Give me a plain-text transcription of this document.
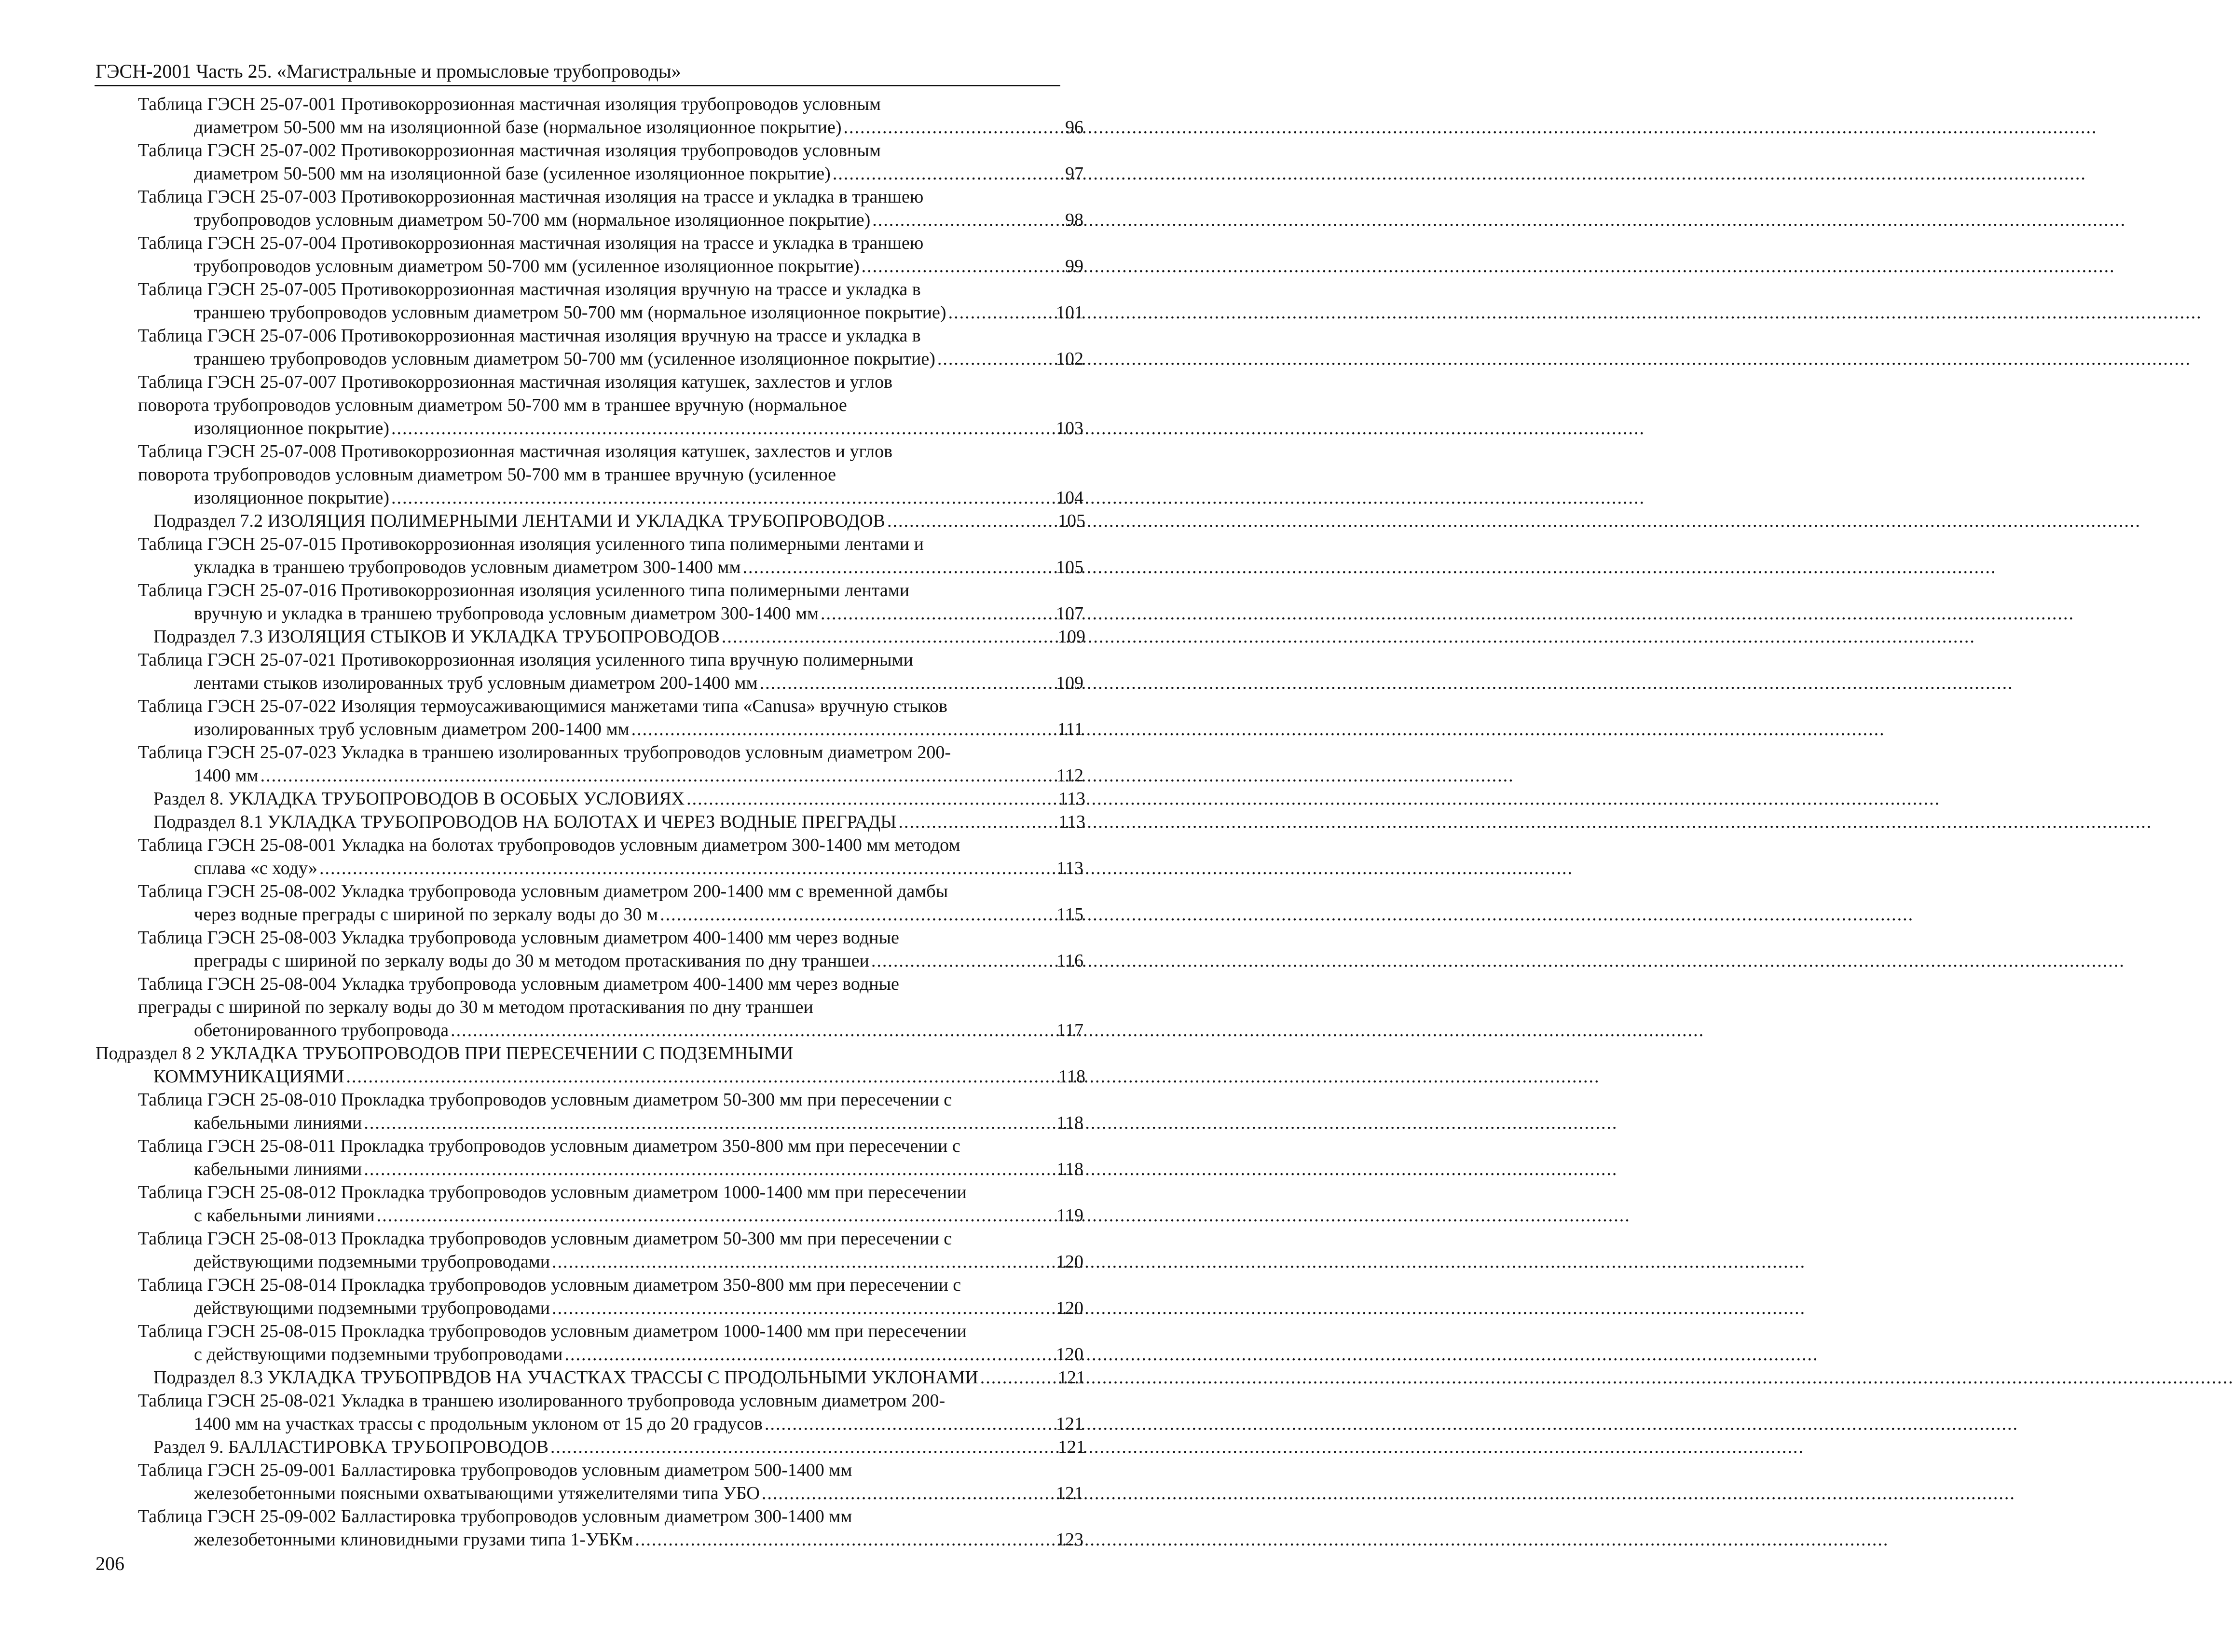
ГЭСН-2001 Часть 25. «Магистральные и промысловые трубопроводы»
Таблица ГЭСН 25-07-001 Противокоррозионная мастичная изоляция трубопроводов условным
диаметром 50-500 мм на изоляционной базе (нормальное изоляционное покрытие) .....	96
Таблица ГЭСН 25-07-002 Противокоррозионная мастичная изоляция трубопроводов условным
диаметром 50-500 мм на изоляционной базе (усиленное изоляционное покрытие) .....	97
Таблица ГЭСН 25-07-003 Противокоррозионная мастичная изоляция на трассе и укладка в траншею
трубопроводов условным диаметром 50-700 мм (нормальное изоляционное покрытие) .....	98
Таблица ГЭСН 25-07-004 Противокоррозионная мастичная изоляция на трассе и укладка в траншею
трубопроводов условным диаметром 50-700 мм (усиленное изоляционное покрытие) .....	99
Таблица ГЭСН 25-07-005 Противокоррозионная мастичная изоляция вручную на трассе и укладка в
траншею трубопроводов условным диаметром 50-700 мм (нормальное изоляционное покрытие) .....	101
Таблица ГЭСН 25-07-006 Противокоррозионная мастичная изоляция вручную на трассе и укладка в
траншею трубопроводов условным диаметром 50-700 мм (усиленное изоляционное покрытие) .....	102
Таблица ГЭСН 25-07-007 Противокоррозионная мастичная изоляция катушек, захлестов и углов
поворота трубопроводов условным диаметром 50-700 мм в траншее вручную (нормальное
изоляционное покрытие) .....	103
Таблица ГЭСН 25-07-008 Противокоррозионная мастичная изоляция катушек, захлестов и углов
поворота трубопроводов условным диаметром 50-700 мм в траншее вручную (усиленное
изоляционное покрытие) .....	104
Подраздел 7.2 ИЗОЛЯЦИЯ ПОЛИМЕРНЫМИ ЛЕНТАМИ И УКЛАДКА ТРУБОПРОВОДОВ .....	105
Таблица ГЭСН 25-07-015 Противокоррозионная изоляция усиленного типа полимерными лентами и
укладка в траншею трубопроводов условным диаметром 300-1400 мм .....	105
Таблица ГЭСН 25-07-016 Противокоррозионная изоляция усиленного типа полимерными лентами
вручную и укладка в траншею трубопровода условным диаметром 300-1400 мм .....	107
Подраздел 7.3 ИЗОЛЯЦИЯ СТЫКОВ И УКЛАДКА ТРУБОПРОВОДОВ .....	109
Таблица ГЭСН 25-07-021 Противокоррозионная изоляция усиленного типа вручную полимерными
лентами стыков изолированных труб условным диаметром 200-1400 мм .....	109
Таблица ГЭСН 25-07-022 Изоляция термоусаживающимися манжетами типа «Canusa» вручную стыков
изолированных труб условным диаметром 200-1400 мм .....	111
Таблица ГЭСН 25-07-023 Укладка в траншею изолированных трубопроводов условным диаметром 200-
1400 мм .....	112
Раздел 8. УКЛАДКА ТРУБОПРОВОДОВ В ОСОБЫХ УСЛОВИЯХ .....	113
Подраздел 8.1 УКЛАДКА ТРУБОПРОВОДОВ НА БОЛОТАХ И ЧЕРЕЗ ВОДНЫЕ ПРЕГРАДЫ .....	113
Таблица ГЭСН 25-08-001 Укладка на болотах трубопроводов условным диаметром 300-1400 мм методом
сплава «с ходу» .....	113
Таблица ГЭСН 25-08-002 Укладка трубопровода условным диаметром 200-1400 мм с временной дамбы
через водные преграды с шириной по зеркалу воды до 30 м .....	115
Таблица ГЭСН 25-08-003 Укладка трубопровода условным диаметром 400-1400 мм через водные
преграды с шириной по зеркалу воды до 30 м методом протаскивания по дну траншеи .....	116
Таблица ГЭСН 25-08-004 Укладка трубопровода условным диаметром 400-1400 мм через водные
преграды с шириной по зеркалу воды до 30 м методом протаскивания по дну траншеи
обетонированного трубопровода .....	117
Подраздел 8 2 УКЛАДКА ТРУБОПРОВОДОВ ПРИ ПЕРЕСЕЧЕНИИ С ПОДЗЕМНЫМИ
КОММУНИКАЦИЯМИ .....	118
Таблица ГЭСН 25-08-010 Прокладка трубопроводов условным диаметром 50-300 мм при пересечении с
кабельными линиями .....	118
Таблица ГЭСН 25-08-011 Прокладка трубопроводов условным диаметром 350-800 мм при пересечении с
кабельными линиями .....	118
Таблица ГЭСН 25-08-012 Прокладка трубопроводов условным диаметром 1000-1400 мм при пересечении
с кабельными линиями .....	119
Таблица ГЭСН 25-08-013 Прокладка трубопроводов условным диаметром 50-300 мм при пересечении с
действующими подземными трубопроводами .....	120
Таблица ГЭСН 25-08-014 Прокладка трубопроводов условным диаметром 350-800 мм при пересечении с
действующими подземными трубопроводами .....	120
Таблица ГЭСН 25-08-015 Прокладка трубопроводов условным диаметром 1000-1400 мм при пересечении
с действующими подземными трубопроводами .....	120
Подраздел 8.3 УКЛАДКА ТРУБОПРВДОВ НА УЧАСТКАХ ТРАССЫ С ПРОДОЛЬНЫМИ УКЛОНАМИ .....	121
Таблица ГЭСН 25-08-021 Укладка в траншею изолированного трубопровода условным диаметром 200-
1400 мм на участках трассы с продольным уклоном от 15 до 20 градусов .....	121
Раздел 9. БАЛЛАСТИРОВКА ТРУБОПРОВОДОВ .....	121
Таблица ГЭСН 25-09-001 Балластировка трубопроводов условным диаметром 500-1400 мм
железобетонными поясными охватывающими утяжелителями типа УБО .....	121
Таблица ГЭСН 25-09-002 Балластировка трубопроводов условным диаметром 300-1400 мм
железобетонными клиновидными грузами типа 1-УБКм .....	123
206
